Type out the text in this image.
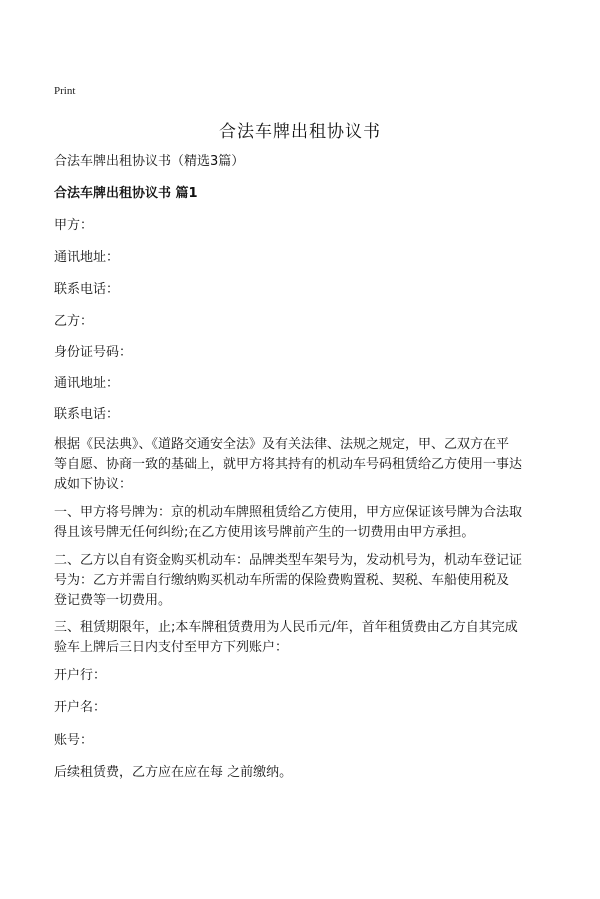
Print
合法车牌出租协议书
合法车牌出租协议书（精选3篇）
合法车牌出租协议书 篇1
甲方：
通讯地址：
联系电话：
乙方：
身份证号码：
通讯地址：
联系电话：
根据《民法典》、《道路交通安全法》及有关法律、法规之规定，甲、乙双方在平
等自愿、协商一致的基础上，就甲方将其持有的机动车号码租赁给乙方使用一事达
成如下协议：
一、甲方将号牌为：京的机动车牌照租赁给乙方使用，甲方应保证该号牌为合法取
得且该号牌无任何纠纷;在乙方使用该号牌前产生的一切费用由甲方承担。
二、乙方以自有资金购买机动车：品牌类型车架号为，发动机号为，机动车登记证
号为：乙方并需自行缴纳购买机动车所需的保险费购置税、契税、车船使用税及
登记费等一切费用。
三、租赁期限年，止;本车牌租赁费用为人民币元/年，首年租赁费由乙方自其完成
验车上牌后三日内支付至甲方下列账户：
开户行：
开户名：
账号：
后续租赁费，乙方应在应在每 之前缴纳。
